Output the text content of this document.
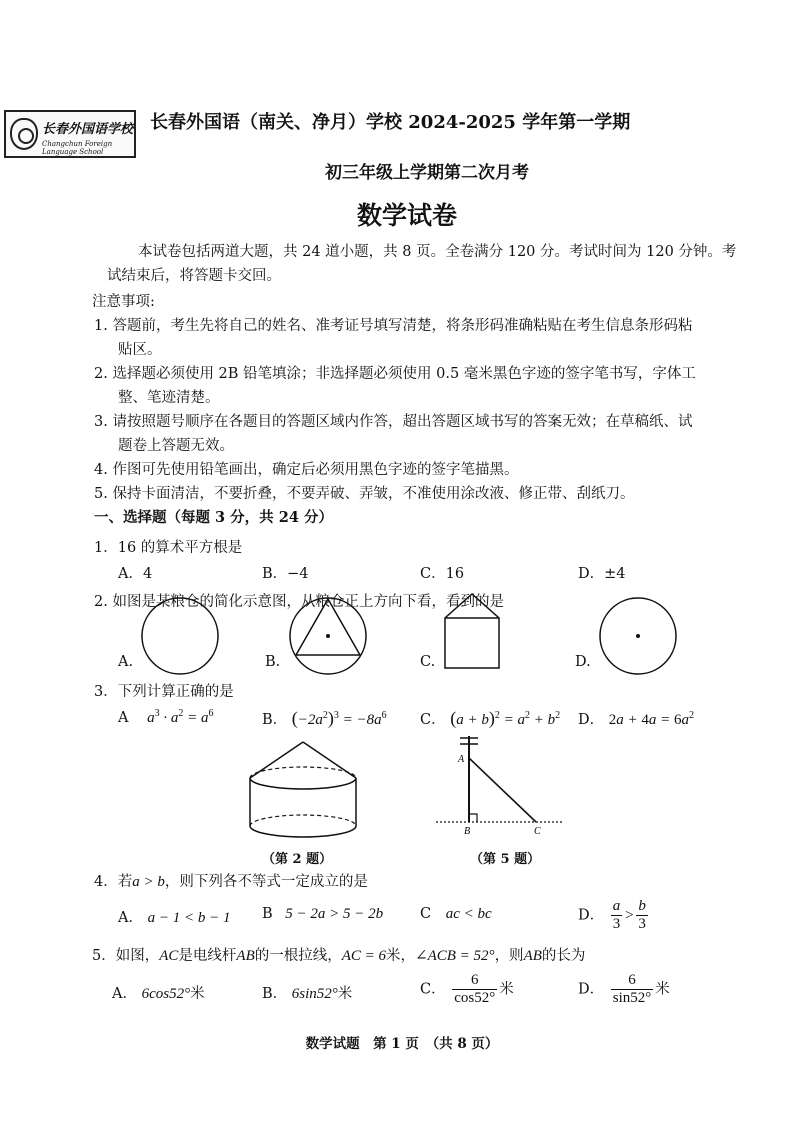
长春外国语学校
Changchun Foreign Language School
长春外国语（南关、净月）学校 2024-2025 学年第一学期
初三年级上学期第二次月考
数学试卷
本试卷包括两道大题，共 24 道小题，共 8 页。全卷满分 120 分。考试时间为 120 分钟。考
试结束后，将答题卡交回。
注意事项:
1. 答题前，考生先将自己的姓名、准考证号填写清楚，将条形码准确粘贴在考生信息条形码粘
贴区。
2. 选择题必须使用 2B 铅笔填涂；非选择题必须使用 0.5 毫米黑色字迹的签字笔书写，字体工
整、笔迹清楚。
3. 请按照题号顺序在各题目的答题区域内作答，超出答题区域书写的答案无效；在草稿纸、试
题卷上答题无效。
4. 作图可先使用铅笔画出，确定后必须用黑色字迹的签字笔描黑。
5. 保持卡面清洁，不要折叠，不要弄破、弄皱，不准使用涂改液、修正带、刮纸刀。
一、选择题（每题 3 分，共 24 分）
1．16 的算术平方根是
A．4	B．−4	C．16	D．±4
2. 如图是某粮仓的简化示意图，从粮仓正上方向下看，看到的是
A.	B.	C.	D.
3．下列计算正确的是
A $a^3 \cdot a^2 = a^6$	B． $(-2a^2)^3 = -8a^6$ C． $(a + b)^2 = a^2 + b^2$ D． $2a + 4a = 6a^2$
（第 2 题）
A
B	C
（第 5 题）
4．若a > b，则下列各不等式一定成立的是
A． a − 1 < b − 1 B 5 − 2a > 5 − 2b	C ac < bc	D． $\frac{a}{3} > \frac{b}{3}$
5．如图，AC是电线杆AB的一根拉线，AC = 6米，∠ACB = 52°，则AB的长为
A． 6cos52°米	B． 6sin52°米	C． $\frac{6}{\cos 52^\circ}$ 米	D． $\frac{6}{\sin 52^\circ}$ 米
数学试题　第 1 页　（共 8 页）
